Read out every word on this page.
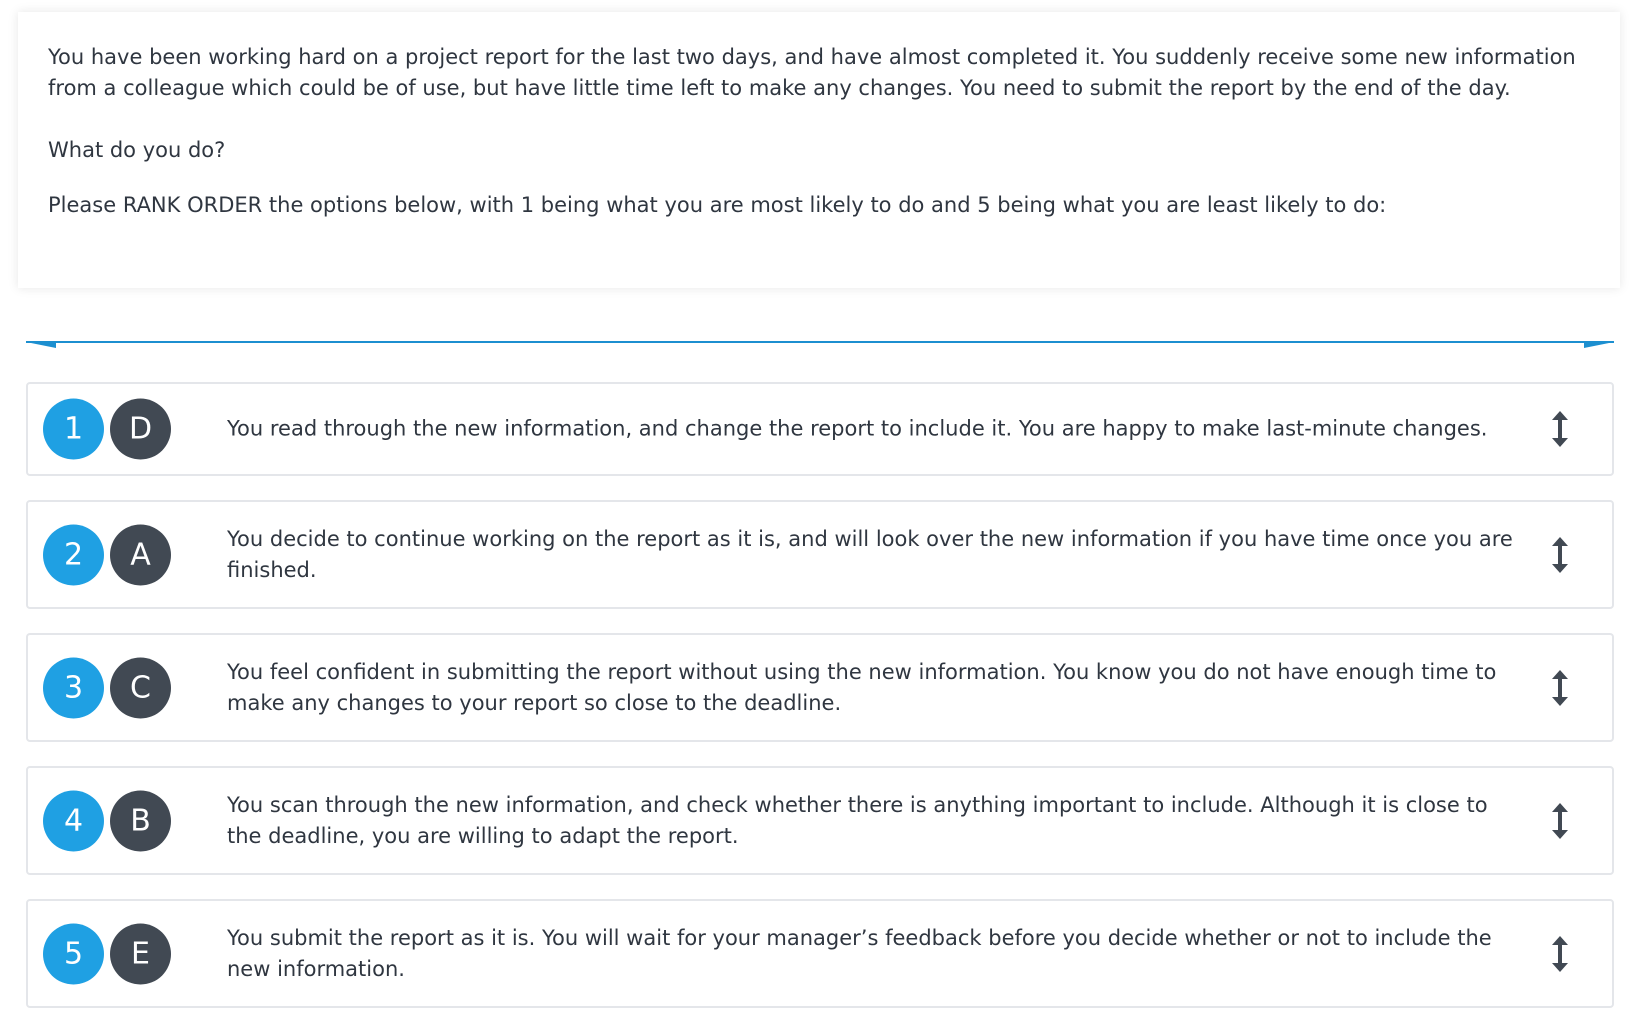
You have been working hard on a project report for the last two days, and have almost completed it. You suddenly receive some new information from a colleague which could be of use, but have little time left to make any changes. You need to submit the report by the end of the day.

What do you do?

Please RANK ORDER the options below, with 1 being what you are most likely to do and 5 being what you are least likely to do:

1	D	You read through the new information, and change the report to include it. You are happy to make last-minute changes.
2	A	You decide to continue working on the report as it is, and will look over the new information if you have time once you are finished.
3	C	You feel confident in submitting the report without using the new information. You know you do not have enough time to make any changes to your report so close to the deadline.
4	B	You scan through the new information, and check whether there is anything important to include. Although it is close to the deadline, you are willing to adapt the report.
5	E	You submit the report as it is. You will wait for your manager’s feedback before you decide whether or not to include the new information.
